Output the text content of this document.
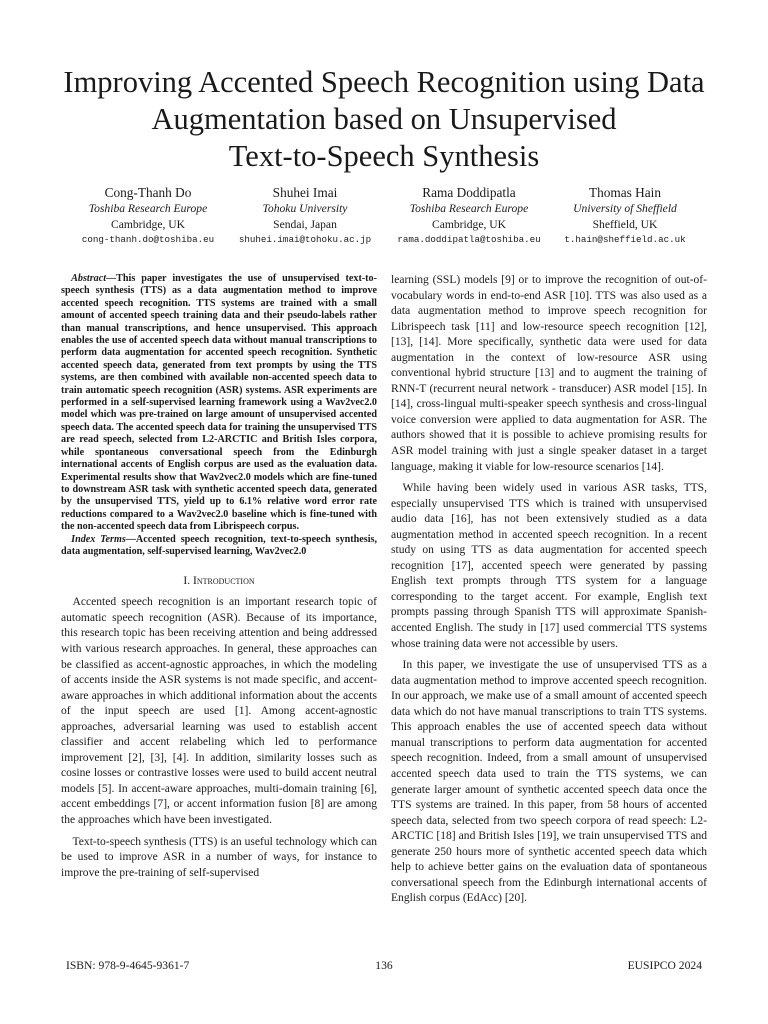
Improving Accented Speech Recognition using Data
Augmentation based on Unsupervised
Text-to-Speech Synthesis
Cong-Thanh Do
Toshiba Research Europe
Cambridge, UK
cong-thanh.do@toshiba.eu
Shuhei Imai
Tohoku University
Sendai, Japan
shuhei.imai@tohoku.ac.jp
Rama Doddipatla
Toshiba Research Europe
Cambridge, UK
rama.doddipatla@toshiba.eu
Thomas Hain
University of Sheffield
Sheffield, UK
t.hain@sheffield.ac.uk

Abstract—This paper investigates the use of unsupervised text-to-speech synthesis (TTS) as a data augmentation method to improve accented speech recognition. TTS systems are trained with a small amount of accented speech training data and their pseudo-labels rather than manual transcriptions, and hence unsupervised. This approach enables the use of accented speech data without manual transcriptions to perform data augmentation for accented speech recognition. Synthetic accented speech data, generated from text prompts by using the TTS systems, are then combined with available non-accented speech data to train automatic speech recognition (ASR) systems. ASR experiments are performed in a self-supervised learning framework using a Wav2vec2.0 model which was pre-trained on large amount of unsupervised accented speech data. The accented speech data for training the unsupervised TTS are read speech, selected from L2-ARCTIC and British Isles corpora, while spontaneous conversational speech from the Edinburgh international accents of English corpus are used as the evaluation data. Experimental results show that Wav2vec2.0 models which are fine-tuned to downstream ASR task with synthetic accented speech data, generated by the unsupervised TTS, yield up to 6.1% relative word error rate reductions compared to a Wav2vec2.0 baseline which is fine-tuned with the non-accented speech data from Librispeech corpus.

Index Terms—Accented speech recognition, text-to-speech synthesis, data augmentation, self-supervised learning, Wav2vec2.0

I. Introduction

Accented speech recognition is an important research topic of automatic speech recognition (ASR). Because of its importance, this research topic has been receiving attention and being addressed with various research approaches. In general, these approaches can be classified as accent-agnostic approaches, in which the modeling of accents inside the ASR systems is not made specific, and accent-aware approaches in which additional information about the accents of the input speech are used [1]. Among accent-agnostic approaches, adversarial learning was used to establish accent classifier and accent relabeling which led to performance improvement [2], [3], [4]. In addition, similarity losses such as cosine losses or contrastive losses were used to build accent neutral models [5]. In accent-aware approaches, multi-domain training [6], accent embeddings [7], or accent information fusion [8] are among the approaches which have been investigated.

Text-to-speech synthesis (TTS) is an useful technology which can be used to improve ASR in a number of ways, for instance to improve the pre-training of self-supervised

learning (SSL) models [9] or to improve the recognition of out-of-vocabulary words in end-to-end ASR [10]. TTS was also used as a data augmentation method to improve speech recognition for Librispeech task [11] and low-resource speech recognition [12], [13], [14]. More specifically, synthetic data were used for data augmentation in the context of low-resource ASR using conventional hybrid structure [13] and to augment the training of RNN-T (recurrent neural network - transducer) ASR model [15]. In [14], cross-lingual multi-speaker speech synthesis and cross-lingual voice conversion were applied to data augmentation for ASR. The authors showed that it is possible to achieve promising results for ASR model training with just a single speaker dataset in a target language, making it viable for low-resource scenarios [14].

While having been widely used in various ASR tasks, TTS, especially unsupervised TTS which is trained with unsupervised audio data [16], has not been extensively studied as a data augmentation method in accented speech recognition. In a recent study on using TTS as data augmentation for accented speech recognition [17], accented speech were generated by passing English text prompts through TTS system for a language corresponding to the target accent. For example, English text prompts passing through Spanish TTS will approximate Spanish-accented English. The study in [17] used commercial TTS systems whose training data were not accessible by users.

In this paper, we investigate the use of unsupervised TTS as a data augmentation method to improve accented speech recognition. In our approach, we make use of a small amount of accented speech data which do not have manual transcriptions to train TTS systems. This approach enables the use of accented speech data without manual transcriptions to perform data augmentation for accented speech recognition. Indeed, from a small amount of unsupervised accented speech data used to train the TTS systems, we can generate larger amount of synthetic accented speech data once the TTS systems are trained. In this paper, from 58 hours of accented speech data, selected from two speech corpora of read speech: L2-ARCTIC [18] and British Isles [19], we train unsupervised TTS and generate 250 hours more of synthetic accented speech data which help to achieve better gains on the evaluation data of spontaneous conversational speech from the Edinburgh international accents of English corpus (EdAcc) [20].

ISBN: 978-9-4645-9361-7	136	EUSIPCO 2024
